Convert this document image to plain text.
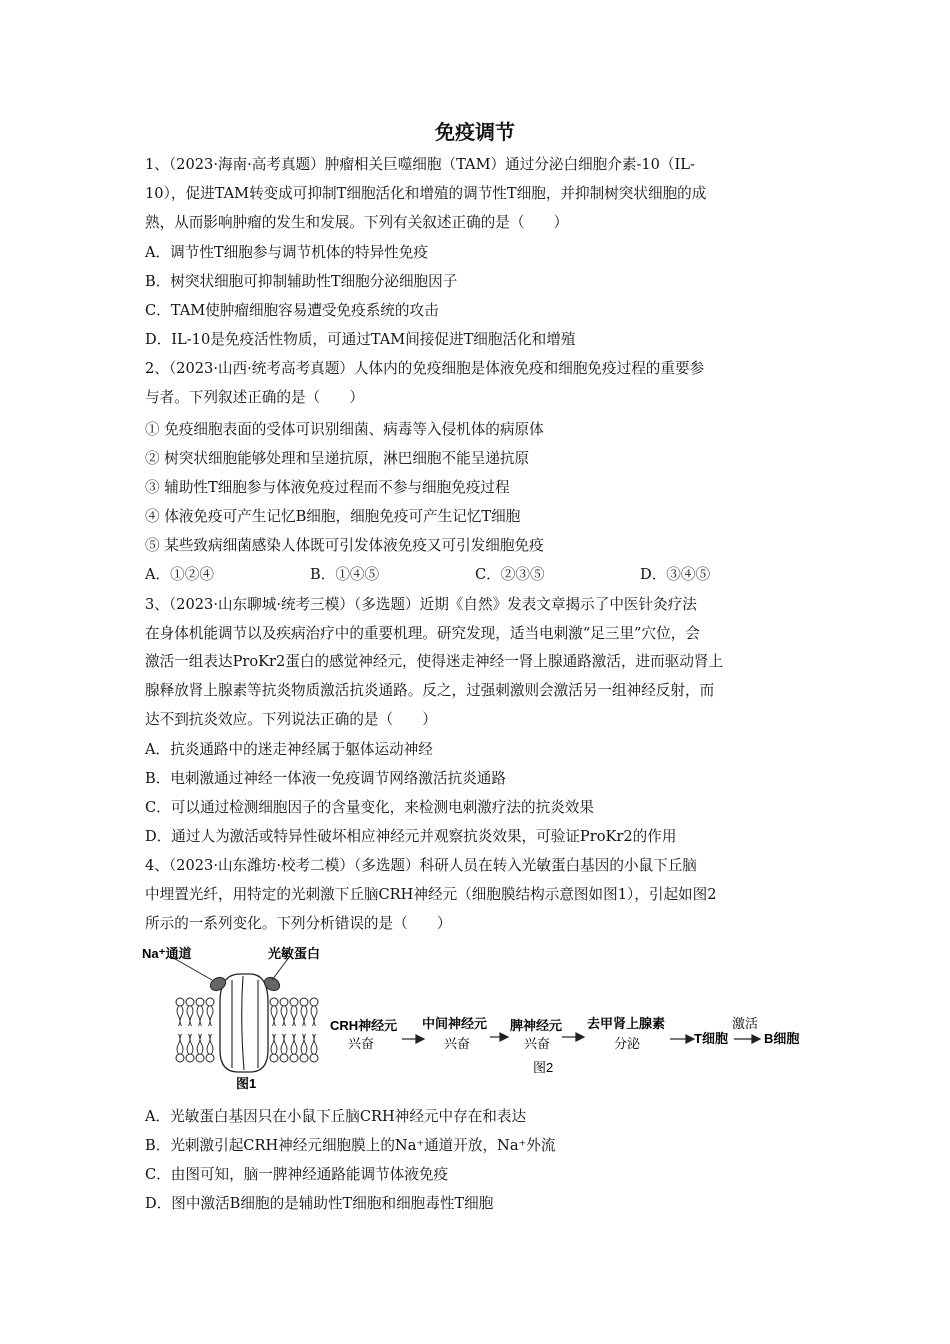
免疫调节
1、（2023·海南·高考真题）肿瘤相关巨噬细胞（TAM）通过分泌白细胞介素-10（IL-
10），促进TAM转变成可抑制T细胞活化和增殖的调节性T细胞，并抑制树突状细胞的成
熟，从而影响肿瘤的发生和发展。下列有关叙述正确的是（　　）
A．调节性T细胞参与调节机体的特异性免疫
B．树突状细胞可抑制辅助性T细胞分泌细胞因子
C．TAM使肿瘤细胞容易遭受免疫系统的攻击
D．IL-10是免疫活性物质，可通过TAM间接促进T细胞活化和增殖
2、（2023·山西·统考高考真题）人体内的免疫细胞是体液免疫和细胞免疫过程的重要参
与者。下列叙述正确的是（　　）
① 免疫细胞表面的受体可识别细菌、病毒等入侵机体的病原体
② 树突状细胞能够处理和呈递抗原，淋巴细胞不能呈递抗原
③ 辅助性T细胞参与体液免疫过程而不参与细胞免疫过程
④ 体液免疫可产生记忆B细胞，细胞免疫可产生记忆T细胞
⑤ 某些致病细菌感染人体既可引发体液免疫又可引发细胞免疫
A．①②④	B．①④⑤	C．②③⑤	D．③④⑤
3、（2023·山东聊城·统考三模）（多选题）近期《自然》发表文章揭示了中医针灸疗法
在身体机能调节以及疾病治疗中的重要机理。研究发现，适当电刺激“足三里”穴位，会
激活一组表达ProKr2蛋白的感觉神经元，使得迷走神经一肾上腺通路激活，进而驱动肾上
腺释放肾上腺素等抗炎物质激活抗炎通路。反之，过强刺激则会激活另一组神经反射，而
达不到抗炎效应。下列说法正确的是（　　）
A．抗炎通路中的迷走神经属于躯体运动神经
B．电刺激通过神经一体液一免疫调节网络激活抗炎通路
C．可以通过检测细胞因子的含量变化，来检测电刺激疗法的抗炎效果
D．通过人为激活或特异性破坏相应神经元并观察抗炎效果，可验证ProKr2的作用
4、（2023·山东潍坊·校考二模）（多选题）科研人员在转入光敏蛋白基因的小鼠下丘脑
中埋置光纤，用特定的光刺激下丘脑CRH神经元（细胞膜结构示意图如图1），引起如图2
所示的一系列变化。下列分析错误的是（　　）
Na⁺通道	光敏蛋白
图1
CRH神经元
兴奋
中间神经元
兴奋
脾神经元
兴奋
去甲肾上腺素
分泌	T细胞
激活
B细胞
图2
A．光敏蛋白基因只在小鼠下丘脑CRH神经元中存在和表达
B．光刺激引起CRH神经元细胞膜上的Na⁺通道开放，Na⁺外流
C．由图可知，脑一脾神经通路能调节体液免疫
D．图中激活B细胞的是辅助性T细胞和细胞毒性T细胞
